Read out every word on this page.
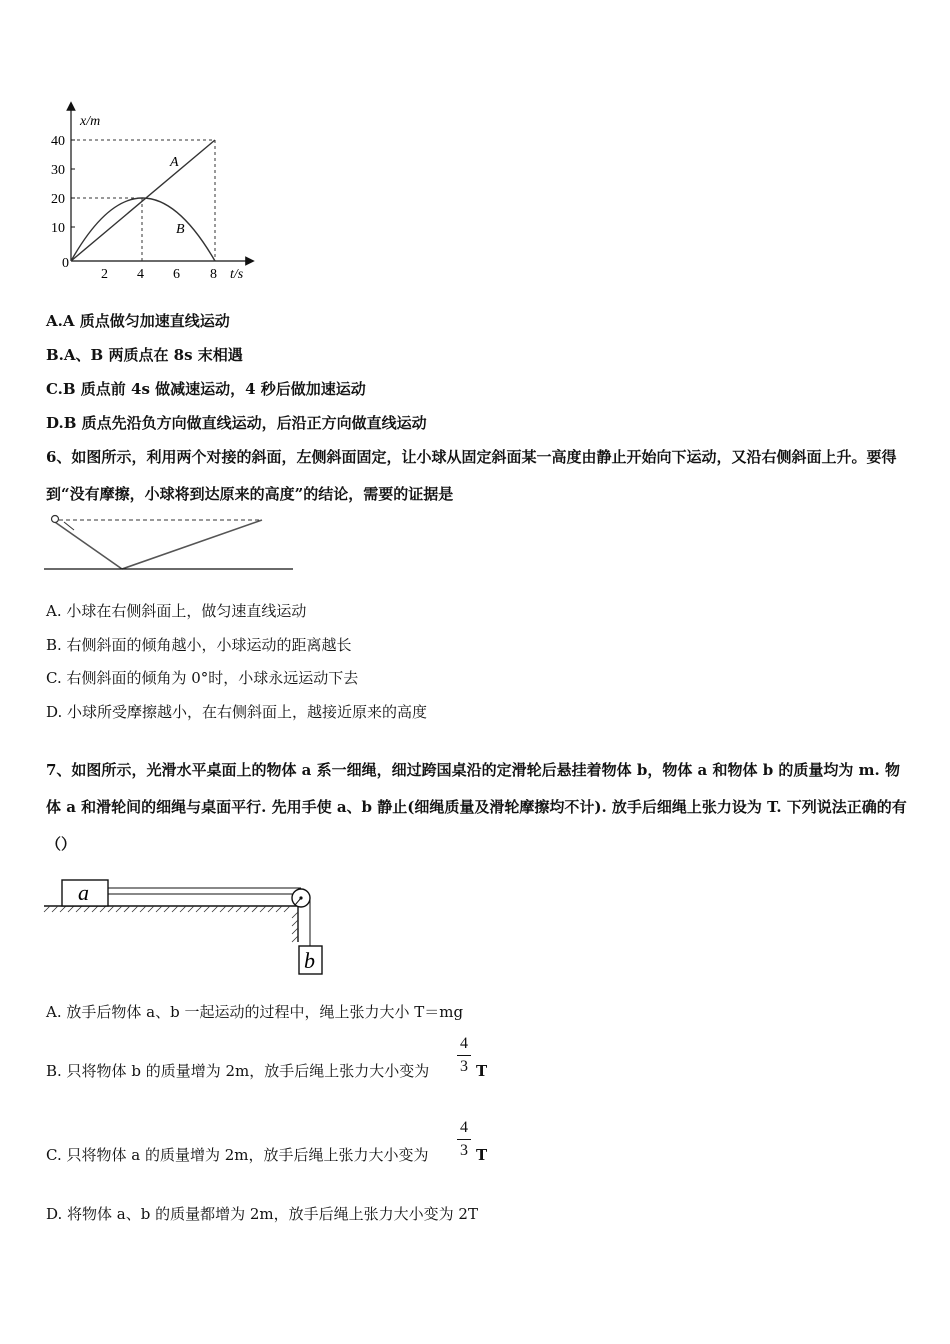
x/m
40
30
20
10
0
2 4 6 8 t/s
A
B
A.A 质点做匀加速直线运动
B.A、B 两质点在 8s 末相遇
C.B 质点前 4s 做减速运动，4 秒后做加速运动
D.B 质点先沿负方向做直线运动，后沿正方向做直线运动
6、如图所示，利用两个对接的斜面，左侧斜面固定，让小球从固定斜面某一高度由静止开始向下运动，又沿右侧斜面上升。要得到“没有摩擦，小球将到达原来的高度”的结论，需要的证据是
A. 小球在右侧斜面上，做匀速直线运动
B. 右侧斜面的倾角越小，小球运动的距离越长
C. 右侧斜面的倾角为 0°时，小球永远运动下去
D. 小球所受摩擦越小，在右侧斜面上，越接近原来的高度
7、如图所示，光滑水平桌面上的物体 a 系一细绳，细过跨国桌沿的定滑轮后悬挂着物体 b，物体 a 和物体 b 的质量均为 m. 物体 a 和滑轮间的细绳与桌面平行. 先用手使 a、b 静止(细绳质量及滑轮摩擦均不计). 放手后细绳上张力设为 T. 下列说法正确的有（）
a
b
A. 放手后物体 a、b 一起运动的过程中，绳上张力大小 T＝mg
B. 只将物体 b 的质量增为 2m，放手后绳上张力大小变为
4
3 T
C. 只将物体 a 的质量增为 2m，放手后绳上张力大小变为
4
3 T
D. 将物体 a、b 的质量都增为 2m，放手后绳上张力大小变为 2T
